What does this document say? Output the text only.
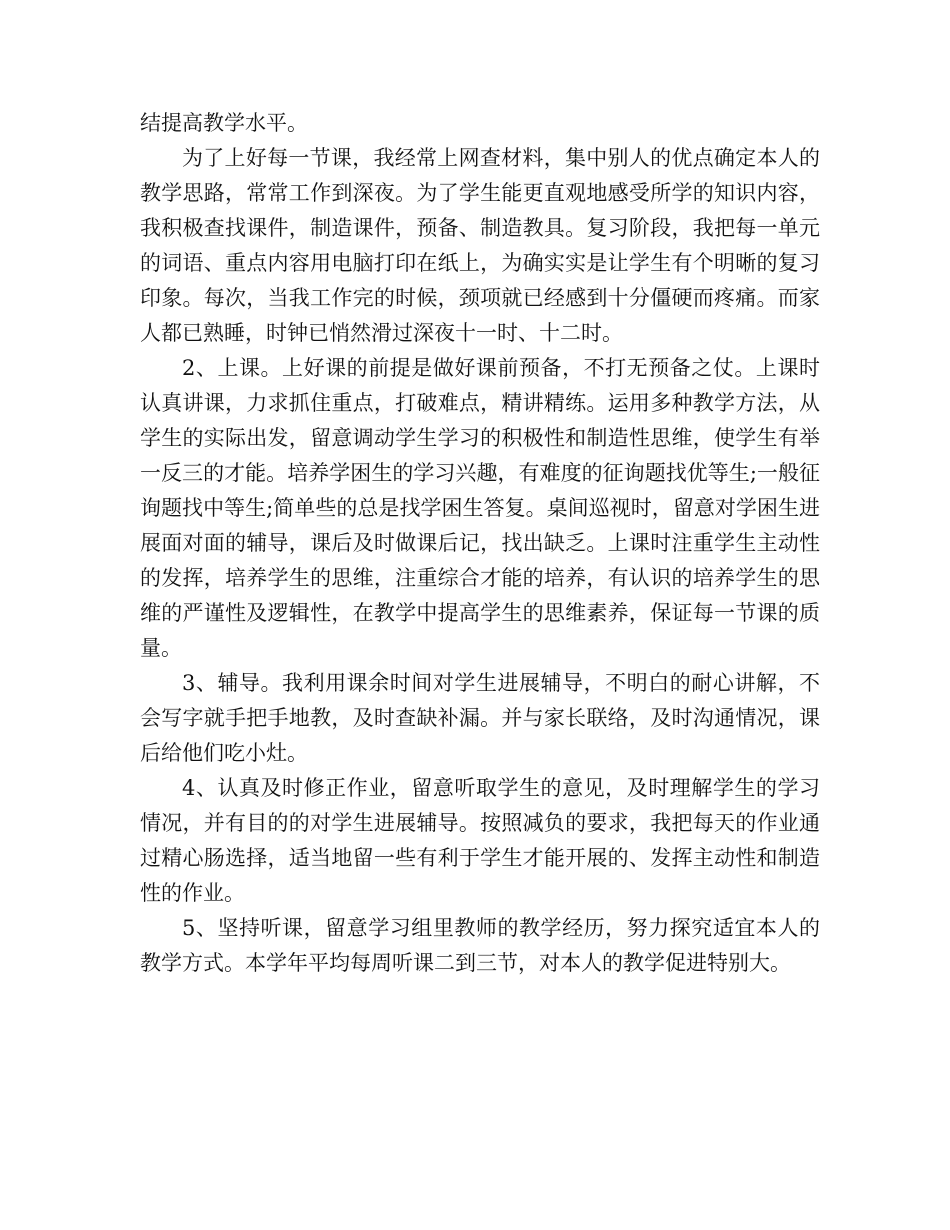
结提高教学水平。

为了上好每一节课，我经常上网查材料，集中别人的优点确定本人的教学思路，常常工作到深夜。为了学生能更直观地感受所学的知识内容，我积极查找课件，制造课件，预备、制造教具。复习阶段，我把每一单元的词语、重点内容用电脑打印在纸上，为确实实是让学生有个明晰的复习印象。每次，当我工作完的时候，颈项就已经感到十分僵硬而疼痛。而家人都已熟睡，时钟已悄然滑过深夜十一时、十二时。

2、上课。上好课的前提是做好课前预备，不打无预备之仗。上课时认真讲课，力求抓住重点，打破难点，精讲精练。运用多种教学方法，从学生的实际出发，留意调动学生学习的积极性和制造性思维，使学生有举一反三的才能。培养学困生的学习兴趣，有难度的征询题找优等生;一般征询题找中等生;简单些的总是找学困生答复。桌间巡视时，留意对学困生进展面对面的辅导，课后及时做课后记，找出缺乏。上课时注重学生主动性的发挥，培养学生的思维，注重综合才能的培养，有认识的培养学生的思维的严谨性及逻辑性，在教学中提高学生的思维素养，保证每一节课的质量。

3、辅导。我利用课余时间对学生进展辅导，不明白的耐心讲解，不会写字就手把手地教，及时查缺补漏。并与家长联络，及时沟通情况，课后给他们吃小灶。

4、认真及时修正作业，留意听取学生的意见，及时理解学生的学习情况，并有目的的对学生进展辅导。按照减负的要求，我把每天的作业通过精心肠选择，适当地留一些有利于学生才能开展的、发挥主动性和制造性的作业。

5、坚持听课，留意学习组里教师的教学经历，努力探究适宜本人的教学方式。本学年平均每周听课二到三节，对本人的教学促进特别大。
